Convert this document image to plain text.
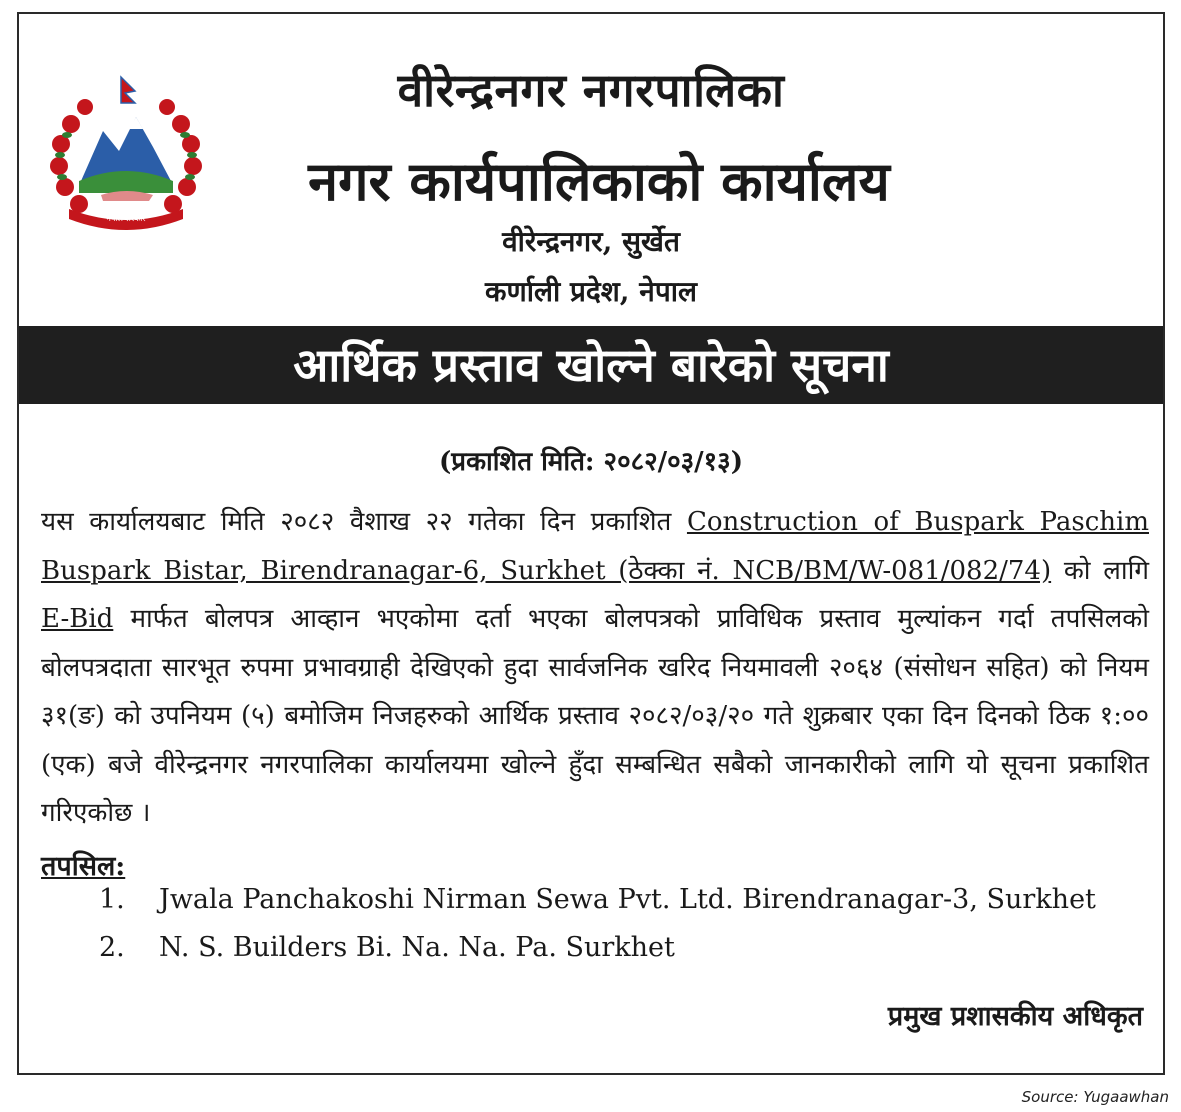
नेपाल सरकार
वीरेन्द्रनगर नगरपालिका
नगर कार्यपालिकाको कार्यालय
वीरेन्द्रनगर, सुर्खेत
कर्णाली प्रदेश, नेपाल
आर्थिक प्रस्ताव खोल्ने बारेको सूचना
(प्रकाशित मिति: २०८२/०३/१३)

यस कार्यालयबाट मिति २०८२ वैशाख २२ गतेका दिन प्रकाशित Construction of Buspark Paschim Buspark Bistar, Birendranagar-6, Surkhet (ठेक्का नं. NCB/BM/W-081/082/74) को लागि E-Bid मार्फत बोलपत्र आव्हान भएकोमा दर्ता भएका बोलपत्रको प्राविधिक प्रस्ताव मुल्यांकन गर्दा तपसिलको बोलपत्रदाता सारभूत रुपमा प्रभावग्राही देखिएको हुदा सार्वजनिक खरिद नियमावली २०६४ (संसोधन सहित) को नियम ३१(ङ) को उपनियम (५) बमोजिम निजहरुको आर्थिक प्रस्ताव २०८२/०३/२० गते शुक्रबार एका दिन दिनको ठिक १:०० (एक) बजे वीरेन्द्रनगर नगरपालिका कार्यालयमा खोल्ने हुँदा सम्बन्धित सबैको जानकारीको लागि यो सूचना प्रकाशित गरिएकोछ ।

तपसिल:
1. Jwala Panchakoshi Nirman Sewa Pvt. Ltd. Birendranagar-3, Surkhet
2. N. S. Builders Bi. Na. Na. Pa. Surkhet
प्रमुख प्रशासकीय अधिकृत
Source: Yugaawhan
